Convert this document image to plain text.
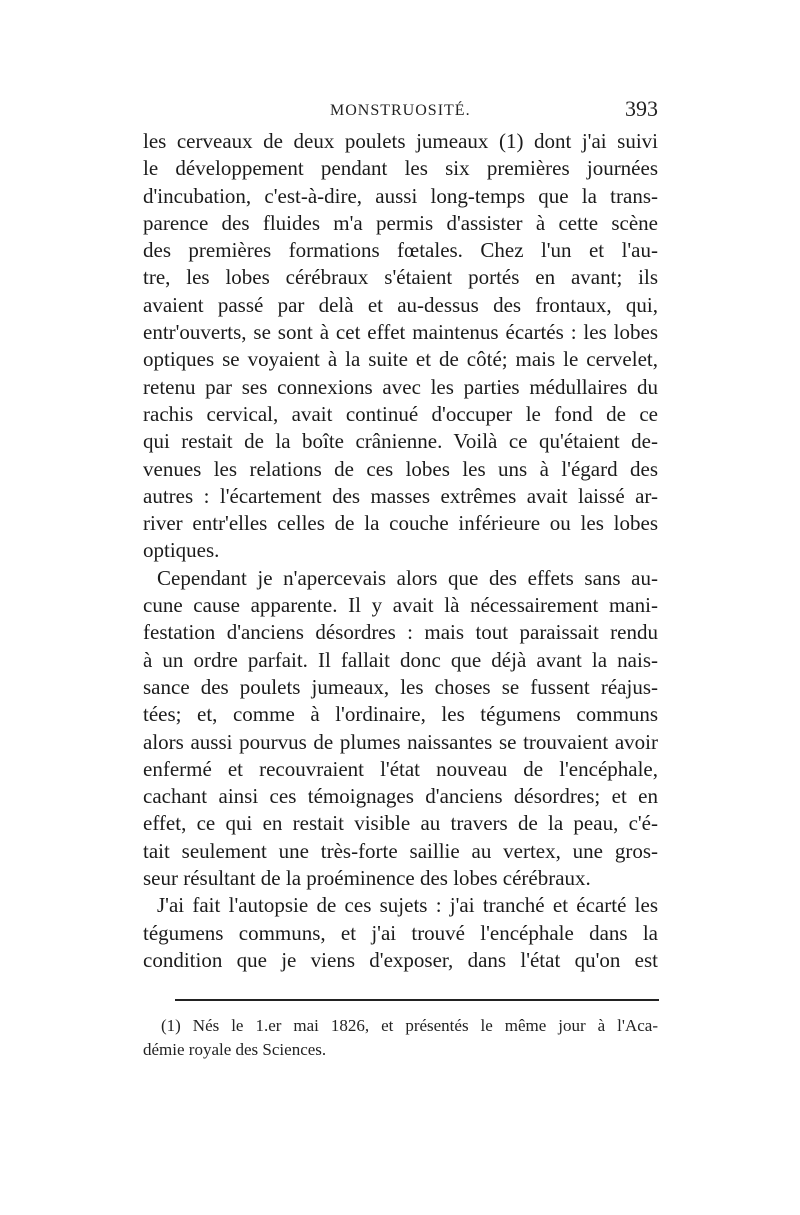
MONSTRUOSITÉ.	393
les cerveaux de deux poulets jumeaux (1) dont j'ai suivi
le développement pendant les six premières journées
d'incubation, c'est-à-dire, aussi long-temps que la trans-
parence des fluides m'a permis d'assister à cette scène
des premières formations fœtales. Chez l'un et l'au-
tre, les lobes cérébraux s'étaient portés en avant; ils
avaient passé par delà et au-dessus des frontaux, qui,
entr'ouverts, se sont à cet effet maintenus écartés : les lobes
optiques se voyaient à la suite et de côté; mais le cervelet,
retenu par ses connexions avec les parties médullaires du
rachis cervical, avait continué d'occuper le fond de ce
qui restait de la boîte crânienne. Voilà ce qu'étaient de-
venues les relations de ces lobes les uns à l'égard des
autres : l'écartement des masses extrêmes avait laissé ar-
river entr'elles celles de la couche inférieure ou les lobes
optiques.
Cependant je n'apercevais alors que des effets sans au-
cune cause apparente. Il y avait là nécessairement mani-
festation d'anciens désordres : mais tout paraissait rendu
à un ordre parfait. Il fallait donc que déjà avant la nais-
sance des poulets jumeaux, les choses se fussent réajus-
tées; et, comme à l'ordinaire, les tégumens communs
alors aussi pourvus de plumes naissantes se trouvaient avoir
enfermé et recouvraient l'état nouveau de l'encéphale,
cachant ainsi ces témoignages d'anciens désordres; et en
effet, ce qui en restait visible au travers de la peau, c'é-
tait seulement une très-forte saillie au vertex, une gros-
seur résultant de la proéminence des lobes cérébraux.
J'ai fait l'autopsie de ces sujets : j'ai tranché et écarté les
tégumens communs, et j'ai trouvé l'encéphale dans la
condition que je viens d'exposer, dans l'état qu'on est
(1) Nés le 1.er mai 1826, et présentés le même jour à l'Aca-
démie royale des Sciences.
